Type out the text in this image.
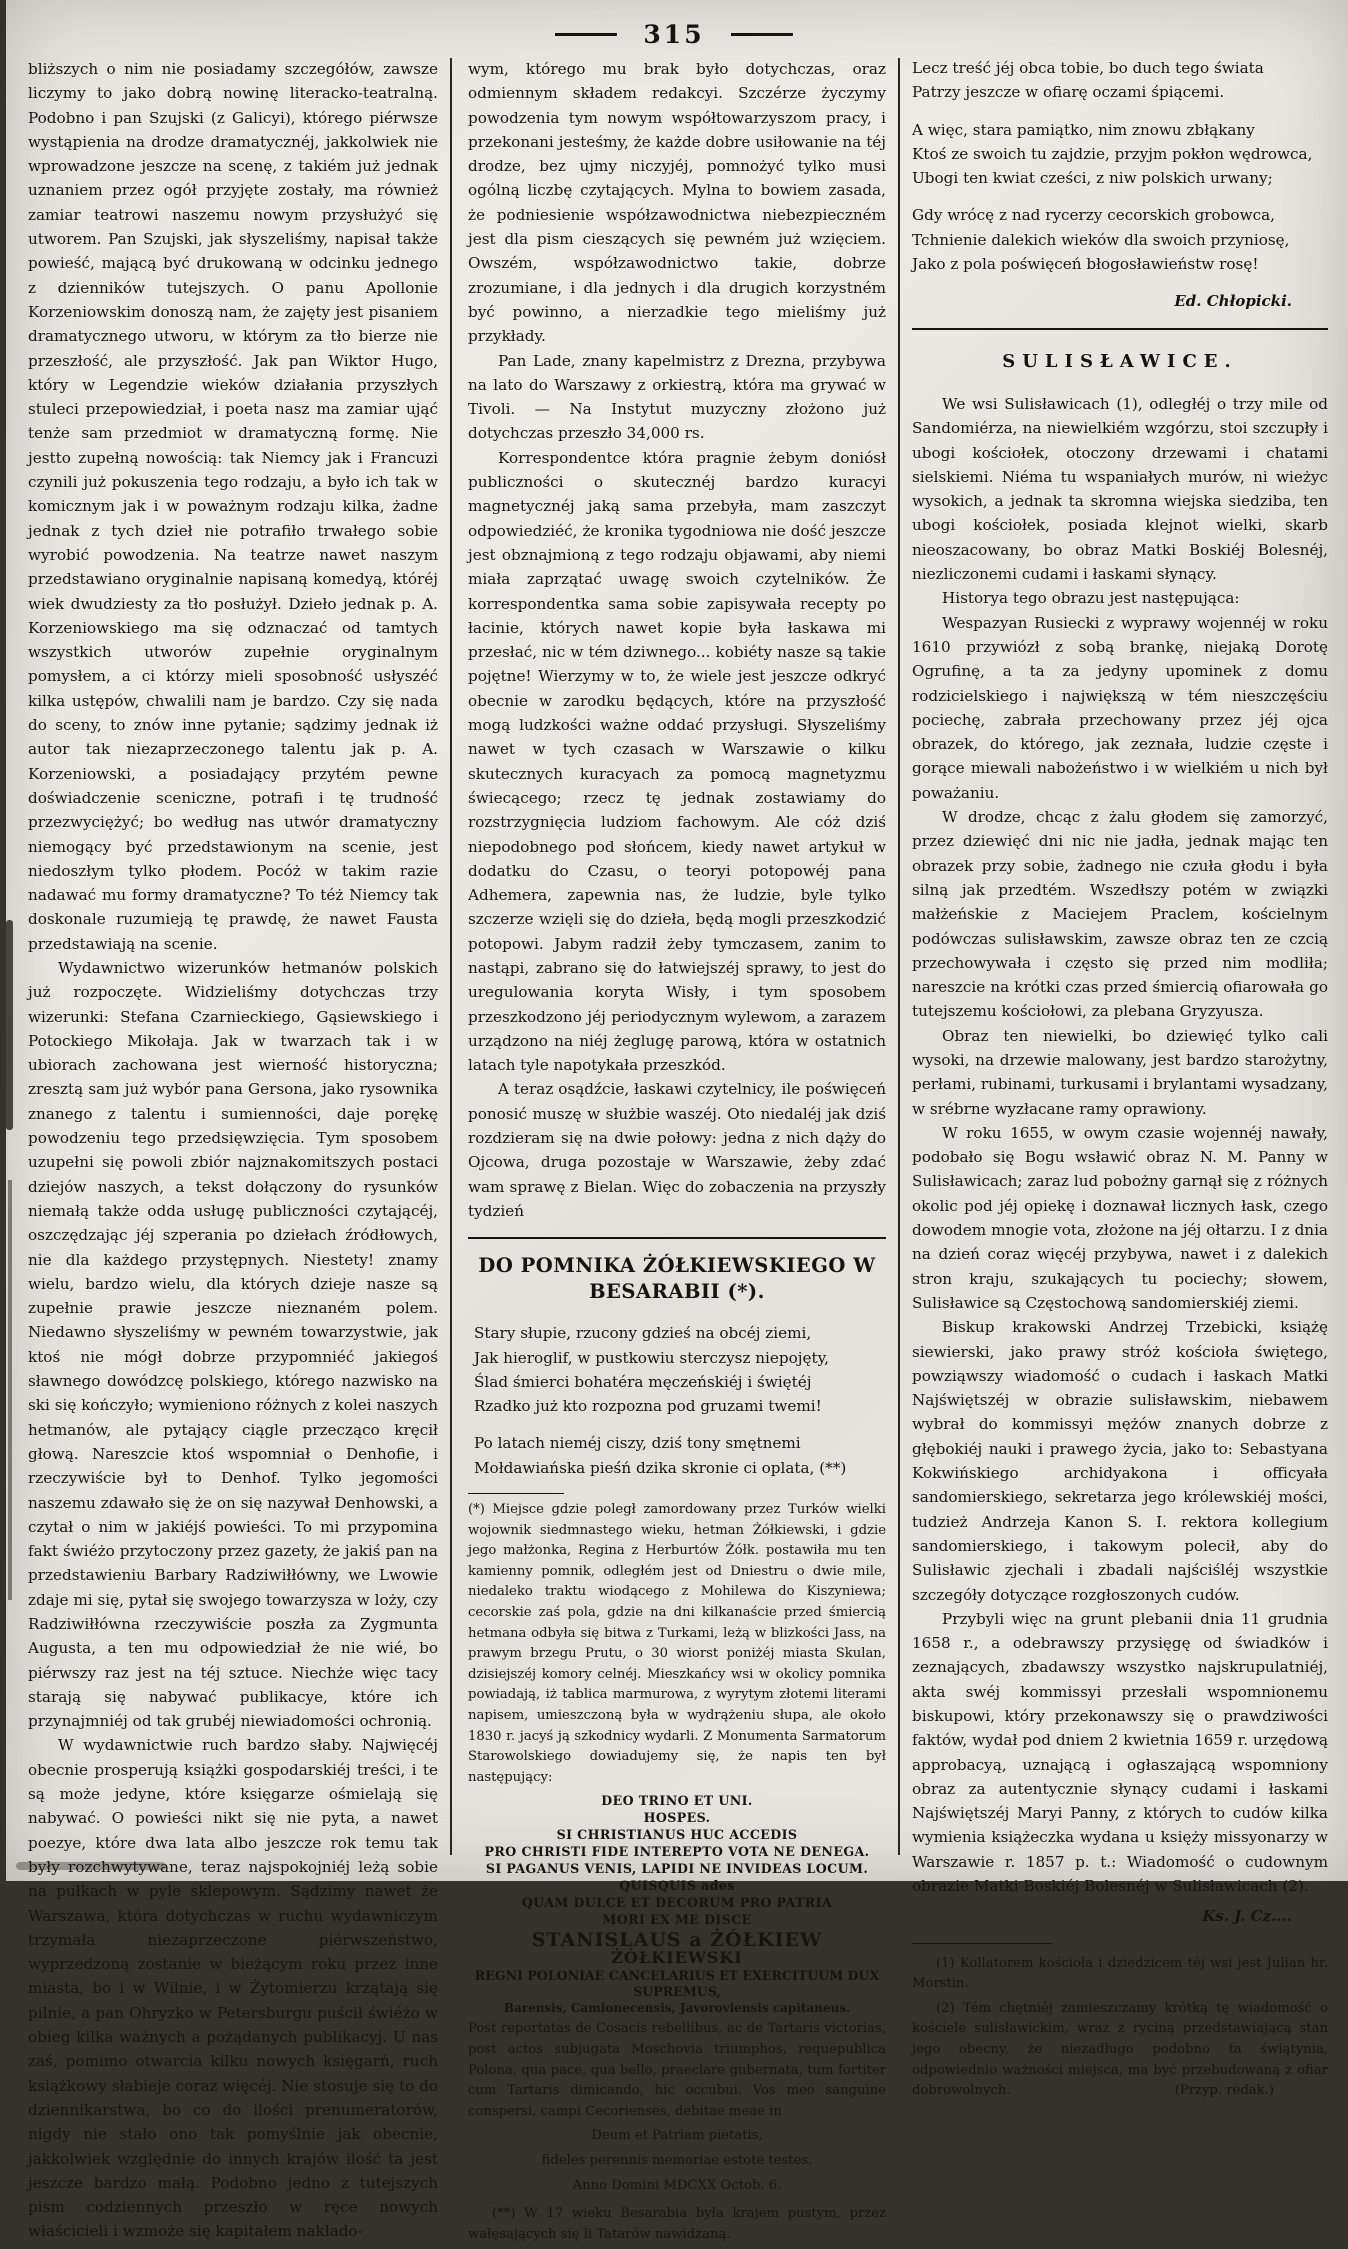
315

bliższych o nim nie posiadamy szczegółów, zawsze liczymy to jako dobrą nowinę literacko-teatralną. Podobno i pan Szujski (z Galicyi), którego piérwsze wystąpienia na drodze dramatycznéj, jakkolwiek nie wprowadzone jeszcze na scenę, z takiém już jednak uznaniem przez ogół przyjęte zostały, ma również zamiar teatrowi naszemu nowym przysłużyć się utworem. Pan Szujski, jak słyszeliśmy, napisał także powieść, mającą być drukowaną w odcinku jednego z dzienników tutejszych. O panu Apollonie Korzeniowskim donoszą nam, że zajęty jest pisaniem dramatycznego utworu, w którym za tło bierze nie przeszłość, ale przyszłość. Jak pan Wiktor Hugo, który w Legendzie wieków działania przyszłych stuleci przepowiedział, i poeta nasz ma zamiar ująć tenże sam przedmiot w dramatyczną formę. Nie jestto zupełną nowością: tak Niemcy jak i Francuzi czynili już pokuszenia tego rodzaju, a było ich tak w komicznym jak i w poważnym rodzaju kilka, żadne jednak z tych dzieł nie potrafiło trwałego sobie wyrobić powodzenia. Na teatrze nawet naszym przedstawiano oryginalnie napisaną komedyą, któréj wiek dwudziesty za tło posłużył. Dzieło jednak p. A. Korzeniowskiego ma się odznaczać od tamtych wszystkich utworów zupełnie oryginalnym pomysłem, a ci którzy mieli sposobność usłyszéć kilka ustępów, chwalili nam je bardzo. Czy się nada do sceny, to znów inne pytanie; sądzimy jednak iż autor tak niezaprzeczonego talentu jak p. A. Korzeniowski, a posiadający przytém pewne doświadczenie sceniczne, potrafi i tę trudność przezwyciężyć; bo według nas utwór dramatyczny niemogący być przedstawionym na scenie, jest niedoszłym tylko płodem. Pocóż w takim razie nadawać mu formy dramatyczne? To téż Niemcy tak doskonale ruzumieją tę prawdę, że nawet Fausta przedstawiają na scenie.

Wydawnictwo wizerunków hetmanów polskich już rozpoczęte. Widzieliśmy dotychczas trzy wizerunki: Stefana Czarnieckiego, Gąsiewskiego i Potockiego Mikołaja. Jak w twarzach tak i w ubiorach zachowana jest wierność historyczna; zresztą sam już wybór pana Gersona, jako rysownika znanego z talentu i sumienności, daje porękę powodzeniu tego przedsięwzięcia. Tym sposobem uzupełni się powoli zbiór najznakomitszych postaci dziejów naszych, a tekst dołączony do rysunków niemałą także odda usługę publiczności czytającéj, oszczędzając jéj szperania po dziełach źródłowych, nie dla każdego przystępnych. Niestety! znamy wielu, bardzo wielu, dla których dzieje nasze są zupełnie prawie jeszcze nieznaném polem. Niedawno słyszeliśmy w pewném towarzystwie, jak ktoś nie mógł dobrze przypomniéć jakiegoś sławnego dowódzcę polskiego, którego nazwisko na ski się kończyło; wymieniono różnych z kolei naszych hetmanów, ale pytający ciągle przecząco kręcił głową. Nareszcie ktoś wspomniał o Denhofie, i rzeczywiście był to Denhof. Tylko jegomości naszemu zdawało się że on się nazywał Denhowski, a czytał o nim w jakiéjś powieści. To mi przypomina fakt świéżo przytoczony przez gazety, że jakiś pan na przedstawieniu Barbary Radziwiłłówny, we Lwowie zdaje mi się, pytał się swojego towarzysza w loży, czy Radziwiłłówna rzeczywiście poszła za Zygmunta Augusta, a ten mu odpowiedział że nie wié, bo piérwszy raz jest na téj sztuce. Niechże więc tacy starają się nabywać publikacye, które ich przynajmniéj od tak grubéj niewiadomości ochronią.

W wydawnictwie ruch bardzo słaby. Najwięcéj obecnie prosperują książki gospodarskiéj treści, i te są może jedyne, które księgarze ośmielają się nabywać. O powieści nikt się nie pyta, a nawet poezye, które dwa lata albo jeszcze rok temu tak były rozchwytywane, teraz najspokojniéj leżą sobie na pułkach w pyle sklepowym. Sądzimy nawet że Warszawa, która dotychczas w ruchu wydawniczym trzymała niezaprzeczone piérwszeństwo, wyprzedzoną zostanie w bieżącym roku przez inne miasta, bo i w Wilnie, i w Żytomierzu krzątają się pilnie, a pan Ohryzko w Petersburgu puścił świéżo w obieg kilka ważnych a pożądanych publikacyj. U nas zaś, pomimo otwarcia kilku nowych księgarń, ruch książkowy słabieje coraz więcéj. Nie stosuje się to do dziennikarstwa, bo co do ilości prenumeratorów, nigdy nie stało ono tak pomyślnie jak obecnie, jakkolwiek względnie do innych krajów ilość ta jest jeszcze bardzo małą. Podobno jedno z tutejszych pism codziennych przeszło w ręce nowych właścicieli i wzmoże się kapitałem nakłado-

wym, którego mu brak było dotychczas, oraz odmiennym składem redakcyi. Szczérze życzymy powodzenia tym nowym współtowarzyszom pracy, i przekonani jesteśmy, że każde dobre usiłowanie na téj drodze, bez ujmy niczyjéj, pomnożyć tylko musi ogólną liczbę czytających. Mylna to bowiem zasada, że podniesienie współzawodnictwa niebezpieczném jest dla pism cieszących się pewném już wzięciem. Owszém, współzawodnictwo takie, dobrze zrozumiane, i dla jednych i dla drugich korzystném być powinno, a nierzadkie tego mieliśmy już przykłady.

Pan Lade, znany kapelmistrz z Drezna, przybywa na lato do Warszawy z orkiestrą, która ma grywać w Tivoli. — Na Instytut muzyczny złożono już dotychczas przeszło 34,000 rs.

Korrespondentce która pragnie żebym doniósł publiczności o skutecznéj bardzo kuracyi magnetycznéj jaką sama przebyła, mam zaszczyt odpowiedziéć, że kronika tygodniowa nie dość jeszcze jest obznajmioną z tego rodzaju objawami, aby niemi miała zaprzątać uwagę swoich czytelników. Że korrespondentka sama sobie zapisywała recepty po łacinie, których nawet kopie była łaskawa mi przesłać, nic w tém dziwnego... kobiéty nasze są takie pojętne! Wierzymy w to, że wiele jest jeszcze odkryć obecnie w zarodku będących, które na przyszłość mogą ludzkości ważne oddać przysługi. Słyszeliśmy nawet w tych czasach w Warszawie o kilku skutecznych kuracyach za pomocą magnetyzmu świecącego; rzecz tę jednak zostawiamy do rozstrzygnięcia ludziom fachowym. Ale cóż dziś niepodobnego pod słońcem, kiedy nawet artykuł w dodatku do Czasu, o teoryi potopowéj pana Adhemera, zapewnia nas, że ludzie, byle tylko szczerze wzięli się do dzieła, będą mogli przeszkodzić potopowi. Jabym radził żeby tymczasem, zanim to nastąpi, zabrano się do łatwiejszéj sprawy, to jest do uregulowania koryta Wisły, i tym sposobem przeszkodzono jéj periodycznym wylewom, a zarazem urządzono na niéj żeglugę parową, która w ostatnich latach tyle napotykała przeszkód.

A teraz osądźcie, łaskawi czytelnicy, ile poświęceń ponosić muszę w służbie waszéj. Oto niedaléj jak dziś rozdzieram się na dwie połowy: jedna z nich dąży do Ojcowa, druga pozostaje w Warszawie, żeby zdać wam sprawę z Bielan. Więc do zobaczenia na przyszły tydzień

DO POMNIKA ŻÓŁKIEWSKIEGO W BESARABII (*).
Stary słupie, rzucony gdzieś na obcéj ziemi,
Jak hieroglif, w pustkowiu sterczysz niepojęty,
Ślad śmierci bohatéra męczeńskiéj i świętéj
Rzadko już kto rozpozna pod gruzami twemi!
Po latach nieméj ciszy, dziś tony smętnemi
Mołdawiańska pieśń dzika skronie ci oplata, (**)

(*) Miejsce gdzie poległ zamordowany przez Turków wielki wojownik siedmnastego wieku, hetman Żółkiewski, i gdzie jego małżonka, Regina z Herburtów Żółk. postawiła mu ten kamienny pomnik, odległém jest od Dniestru o dwie mile, niedaleko traktu wiodącego z Mohilewa do Kiszyniewa; cecorskie zaś pola, gdzie na dni kilkanaście przed śmiercią hetmana odbyła się bitwa z Turkami, leżą w blizkości Jass, na prawym brzegu Prutu, o 30 wiorst poniżéj miasta Skulan, dzisiejszéj komory celnéj. Mieszkańcy wsi w okolicy pomnika powiadają, iż tablica marmurowa, z wyrytym złotemi literami napisem, umieszczoną była w wydrążeniu słupa, ale około 1830 r. jacyś ją szkodnicy wydarli. Z Monumenta Sarmatorum Starowolskiego dowiadujemy się, że napis ten był następujący:

DEO TRINO ET UNI.
HOSPES.
SI CHRISTIANUS HUC ACCEDIS
PRO CHRISTI FIDE INTEREPTO VOTA NE DENEGA.
SI PAGANUS VENIS, LAPIDI NE INVIDEAS LOCUM.
QUISQUIS ades
QUAM DULCE ET DECORUM PRO PATRIA
MORI EX ME DISCE
STANISLAUS a ŻÓŁKIEW
ŻÓŁKIEWSKI
REGNI POLONIAE CANCELARIUS ET EXERCITUUM DUX SUPREMUS,
Barensis, Camionecensis, Javoroviensis capitaneus.

Post reportatas de Cosacis rebellibus, ac de Tartaris victorias, post actos subjugata Moschovia triumphos, requepublica Polona, qua pace, qua bello, praeclare gubernata, tum fortiter cum Tartaris dimicando, hic occubui. Vos meo sanguine conspersi, campi Cecorienses, debitae meae in

Deum et Patriam pietatis,

fideles perennis memoriae estote testes.

Anno Domini MDCXX Octob. 6.

(**) W 17 wieku Besarabia była krajem pustym, przez wałęsających się li Tatarów nawidzaną.

Lecz treść jéj obca tobie, bo duch tego świata
Patrzy jeszcze w ofiarę oczami śpiącemi.
A więc, stara pamiątko, nim znowu zbłąkany
Ktoś ze swoich tu zajdzie, przyjm pokłon wędrowca,
Ubogi ten kwiat cześci, z niw polskich urwany;
Gdy wrócę z nad rycerzy cecorskich grobowca,
Tchnienie dalekich wieków dla swoich przyniosę,
Jako z pola poświęceń błogosławieństw rosę!
Ed. Chłopicki.
SULISŁAWICE.

We wsi Sulisławicach (1), odległéj o trzy mile od Sandomiérza, na niewielkiém wzgórzu, stoi szczupły i ubogi kościołek, otoczony drzewami i chatami sielskiemi. Niéma tu wspaniałych murów, ni wieżyc wysokich, a jednak ta skromna wiejska siedziba, ten ubogi kościołek, posiada klejnot wielki, skarb nieoszacowany, bo obraz Matki Boskiéj Bolesnéj, niezliczonemi cudami i łaskami słynący.

Historya tego obrazu jest następująca:

Wespazyan Rusiecki z wyprawy wojennéj w roku 1610 przywiózł z sobą brankę, niejaką Dorotę Ogrufinę, a ta za jedyny upominek z domu rodzicielskiego i największą w tém nieszczęściu pociechę, zabrała przechowany przez jéj ojca obrazek, do którego, jak zeznała, ludzie częste i gorące miewali nabożeństwo i w wielkiém u nich był poważaniu.

W drodze, chcąc z żalu głodem się zamorzyć, przez dziewięć dni nic nie jadła, jednak mając ten obrazek przy sobie, żadnego nie czuła głodu i była silną jak przedtém. Wszedłszy potém w związki małżeńskie z Maciejem Praclem, kościelnym podówczas sulisławskim, zawsze obraz ten ze czcią przechowywała i często się przed nim modliła; nareszcie na krótki czas przed śmiercią ofiarowała go tutejszemu kościołowi, za plebana Gryzyusza.

Obraz ten niewielki, bo dziewięć tylko cali wysoki, na drzewie malowany, jest bardzo starożytny, perłami, rubinami, turkusami i brylantami wysadzany, w srébrne wyzłacane ramy oprawiony.

W roku 1655, w owym czasie wojennéj nawały, podobało się Bogu wsławić obraz N. M. Panny w Sulisławicach; zaraz lud pobożny garnął się z różnych okolic pod jéj opiekę i doznawał licznych łask, czego dowodem mnogie vota, złożone na jéj ołtarzu. I z dnia na dzień coraz więcéj przybywa, nawet i z dalekich stron kraju, szukających tu pociechy; słowem, Sulisławice są Częstochową sandomierskiéj ziemi.

Biskup krakowski Andrzej Trzebicki, książę siewierski, jako prawy stróż kościoła świętego, powziąwszy wiadomość o cudach i łaskach Matki Najświętszéj w obrazie sulisławskim, niebawem wybrał do kommissyi mężów znanych dobrze z głębokiéj nauki i prawego życia, jako to: Sebastyana Kokwińskiego archidyakona i officyała sandomierskiego, sekretarza jego królewskiéj mości, tudzież Andrzeja Kanon S. I. rektora kollegium sandomierskiego, i takowym polecił, aby do Sulisławic zjechali i zbadali najściśléj wszystkie szczegóły dotyczące rozgłoszonych cudów.

Przybyli więc na grunt plebanii dnia 11 grudnia 1658 r., a odebrawszy przysięgę od świadków i zeznających, zbadawszy wszystko najskrupulatniéj, akta swéj kommissyi przesłali wspomnionemu biskupowi, który przekonawszy się o prawdziwości faktów, wydał pod dniem 2 kwietnia 1659 r. urzędową approbacyą, uznającą i ogłaszającą wspomniony obraz za autentycznie słynący cudami i łaskami Najświętszéj Maryi Panny, z których to cudów kilka wymienia książeczka wydana u księży missyonarzy w Warszawie r. 1857 p. t.: Wiadomość o cudownym obrazie Matki Boskiéj Bolesnéj w Sulisławicach (2).

Ks. J. Cz....

(1) Kollatorem kościoła i dziedzicem téj wsi jest Julian hr. Morstin.

(2) Tém chętniéj zamieszczamy krótką tę wiadomość o kościele sulisławickim, wraz z ryciną przedstawiającą stan jego obecny, że niezadługo podobno ta świątynia, odpowiednio ważności miejsca, ma być przebudowaną z ofiar dobrowolnych.	(Przyp. redak.)
